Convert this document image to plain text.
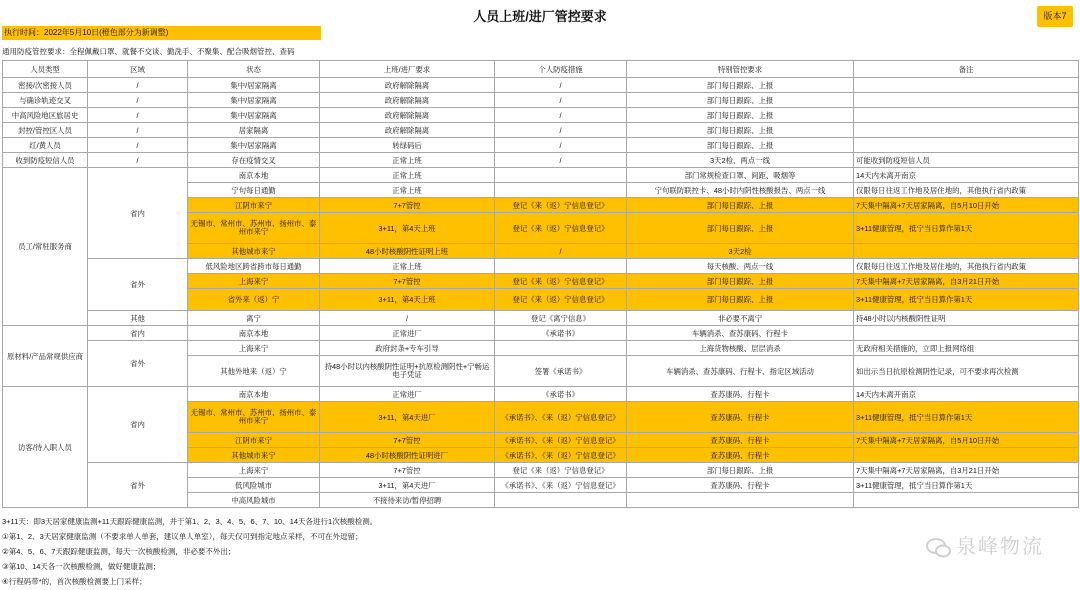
人员上班/进厂管控要求	版本7
执行时间：2022年5月10日(橙色部分为新调整)
通用防疫管控要求：全程佩戴口罩、就餐不交谈、勤洗手、不聚集、配合吸烟管控、查码
人员类型	区域	状态	上班/进厂要求	个人防疫措施	特别管控要求	备注
密接/次密接人员	/	集中/居家隔离	政府解除隔离	/	部门每日跟踪、上报	
与确诊轨迹交叉	/	集中/居家隔离	政府解除隔离	/	部门每日跟踪、上报	
中高风险地区旅居史	/	集中/居家隔离	政府解除隔离	/	部门每日跟踪、上报	
封控/管控区人员	/	居家隔离	政府解除隔离	/	部门每日跟踪、上报	
红/黄人员	/	集中/居家隔离	转绿码后	/	部门每日跟踪、上报	
收到防疫短信人员	/	存在疫情交叉	正常上班	/	3天2检、两点一线	可能收到防疫短信人员
员工/常驻服务商	省内	南京本地	正常上班		部门常规检查口罩、间距、吸烟等	14天内未离开南京
		宁句每日通勤	正常上班		宁句联防联控卡、48小时内阴性核酸报告、两点一线	仅限每日往返工作地及居住地的，其他执行省内政策
		江阴市来宁	7+7管控	登记《来（返）宁信息登记》	部门每日跟踪、上报	7天集中隔离+7天居家隔离，自5月10日开始
		无锡市、常州市、苏州市、扬州市、泰州市来宁	3+11，第4天上班	登记《来（返）宁信息登记》	部门每日跟踪、上报	3+11健康管理，抵宁当日算作第1天
		其他城市来宁	48小时核酸阴性证明上班	/	3天2检	
	省外	低风险地区跨省跨市每日通勤	正常上班		每天核酸、两点一线	仅限每日往返工作地及居住地的，其他执行省内政策
		上海来宁	7+7管控	登记《来（返）宁信息登记》	部门每日跟踪、上报	7天集中隔离+7天居家隔离，自3月21日开始
		省外来（返）宁	3+11，第4天上班	登记《来（返）宁信息登记》	部门每日跟踪、上报	3+11健康管理，抵宁当日算作第1天
	其他	离宁	/	登记《离宁信息》	非必要不离宁	持48小时以内核酸阴性证明
原材料/产品常规供应商	省内	南京本地	正常进厂	《承诺书》	车辆消杀、查苏康码、行程卡	
	省外	上海来宁	政府封条+专车引导		上海货物核酸、层层消杀	无政府相关措施的，立即上报网络组
		其他外地来（返）宁	持48小时以内核酸阴性证明+抗原检测阴性+宁畅运电子凭证	签署《承诺书》	车辆消杀、查苏康码、行程卡、指定区域活动	如出示当日抗原检测阴性记录，可不要求再次检测
访客/待入职人员	省内	南京本地	正常进厂	《承诺书》	查苏康码、行程卡	14天内未离开南京
		无锡市、常州市、苏州市、扬州市、泰州市来宁	3+11，第4天进厂	《承诺书》、《来（返）宁信息登记》	查苏康码、行程卡	3+11健康管理，抵宁当日算作第1天
		江阴市来宁	7+7管控	《承诺书》、《来（返）宁信息登记》	查苏康码、行程卡	7天集中隔离+7天居家隔离，自5月10日开始
		其他城市来宁	48小时核酸阴性证明进厂	《承诺书》、《来（返）宁信息登记》	查苏康码、行程卡	
	省外	上海来宁	7+7管控	登记《来（返）宁信息登记》	部门每日跟踪、上报	7天集中隔离+7天居家隔离，自3月21日开始
		低风险城市	3+11，第4天进厂	《承诺书》、《来（返）宁信息登记》	查苏康码、行程卡	3+11健康管理，抵宁当日算作第1天
		中高风险城市	不接待来访/暂停招聘			
3+11天：即3天居家健康监测+11天跟踪健康监测，并于第1、2、3、4、5、6、7、10、14天各进行1次核酸检测。
①第1、2、3天居家健康监测（不要求单人单套，建议单人单室），每天仅可到指定地点采样，不可在外逗留；
②第4、5、6、7天跟踪健康监测，每天一次核酸检测，非必要不外出；
③第10、14天各一次核酸检测，做好健康监测；
④行程码带*的，首次核酸检测要上门采样；
泉峰物流
